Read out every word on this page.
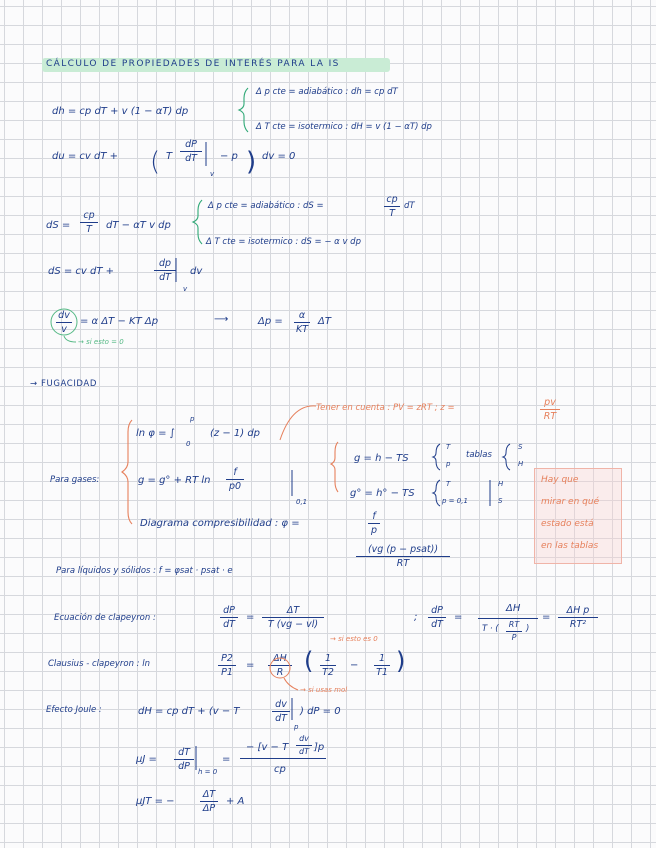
CÁLCULO DE PROPIEDADES DE INTERÉS PARA LA IS
dh = cp dT + v (1 − αT) dp
Δ p cte = adiabático : dh = cp dT
Δ T cte = isotermico : dH = v (1 − αT) dp
du = cv dT + ( T
dP
dT
v
− p ) dv = 0
dS =
cp
T	dT − αT v dp
Δ p cte = adiabático : dS =
cp
T
dT
Δ T cte = isotermico : dS = − α v dp
dS = cv dT +
dp
dT
v
dv
dv
v
= α ΔT − KT Δp	⟶	Δp =
α
KT
ΔT
→ si esto = 0
→ FUGACIDAD
ln φ = ∫
p
0
(z − 1) dp
Tener en cuenta : PV = zRT ; z =	pv
RT
Para gases:	g = g° + RT ln
f
p0
0,1
g = h − TS
T
p
tablas
S
H
g° = h° − TS
T
p = 0,1
H
S
Diagrama compresibilidad : φ =
f
p
Hay que
mirar en qué
estado está
en las tablas
Para líquidos y sólidos : f = φsat · psat · e
(vg (p − psat))
RT
Ecuación de clapeyron :
dP
dT
=
ΔT
T (vg − vl)
→ si esto es 0
;
dP
dT
=
ΔH
T · (	RT
P
)
=
ΔH p
RT²
Clausius - clapeyron : ln	P2
P1
=
ΔH
R (	1
T2
−
1
T1 )
→ si usas mol
Efecto Joule :	dH = cp dT + (v − T
dv
dT
p
) dP = 0
μJ =
dT
dP	h = 0
=
− [v − T
dv
dT ]p
cp
μJT = −
ΔT
ΔP
+ A
